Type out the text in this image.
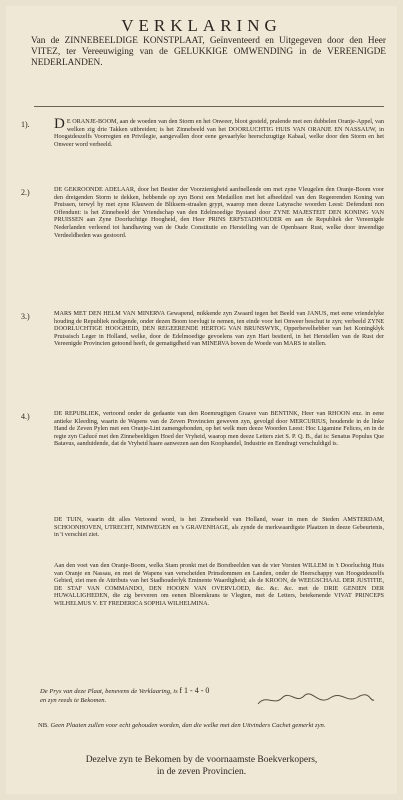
VERKLARING
Van de ZINNEBEELDIGE KONSTPLAAT, Geïnventeerd en Uitgegeven door den Heer VITEZ, ter Vereeuwiging van de GELUKKIGE OMWENDING in de VEREENIGDE NEDERLANDEN.
1). D E ORANJE-BOOM, aan de woeden van den Storm en het Onweer, bloot gesteld, pralende met een dubbelen Oranje-Appel, van welken zig drie Takken uitbreiden; is het Zinnebeeld van het DOORLUCHTIG HUIS VAN ORANJE EN NASSAUW, in Hoogstdeszelfs Voorregten en Privilegie, aangevallen door eene gevaarlyke heerschzugtige Kabaal, welke door den Storm en het Onweer word verbeeld.
2.)	DE GEKROONDE ADELAAR, door het Bestier der Voorzienigheid aanfnellende om met zyne Vleugelen den Oranje-Boom voor den dreigenden Storm te dekken, hebbende op zyn Borst een Medaillon met het afbeeldzel van den Regeerenden Koning van Pruissen, terwyl hy met zyne Klauwen de Bliksem-straalen grypt, waarop men deeze Latynsche woorden Leest: Defendunt non Offendunt: is het Zinnebeeld der Vriendschap van den Edelmoedige Bystand door ZYNE MAJESTEIT DEN KONING VAN PRUISSEN aan Zyne Doorluchtige Hoogheid, den Heer PRINS ERFSTADHOUDER en aan de Republiek der Vereenigde Nederlanden verleend tot handhaving van de Oude Constitutie en Herstelling van de Openbaare Rust, welke door inwendige Verdeeldheden was gestoord.
3.)	MARS MET DEN HELM VAN MINERVA Gewapend, mikkende zyn Zwaard tegen het Beeld van JANUS, met eene vriendelyke houding de Republiek nodigende, onder dezen Boom toevlugt te nemen, ten einde voor het Onweer beschut te zyn; verbeeld ZYNE DOORLUCHTIGE HOOGHEID, DEN REGEERENDE HERTOG VAN BRUNSWYK, Opperbevelhebber van het Koningklyk Pruissisch Leger in Holland, welke, door de Edelmoedige gevoelens van zyn Hart bestierd, in het Herstellen van de Rust der Vereenigde Provincien getoond heeft, de gematigdheid van MINERVA boven de Woede van MARS te stellen.
4.)	DE REPUBLIEK, vertoond onder de gedaante van den Roemrugtigen Graave van BENTINK, Heer van RHOON enz. in eene antieke Kleeding, waarin de Wapens van de Zeven Provincien geweven zyn, gevolgd door MERCURIUS, houdende in de linke Hand de Zeven Pylen met een Oranje-Lint zamengebonden, op het welk men deeze Woorden Leest: Hoc Ligamine Felices, en in de regte zyn Caducé met den Zinnebeeldigen Hoed der Vryheid, waarop men deeze Letters ziet S. P. Q. B., dat is: Senatus Populus Que Batavus, aanduidende, dat de Vryheid haare aanwezen aan den Koophandel, Industrie en Eendragt verschuldigd is.
DE TUIN, waarin dit alles Vertoond word, is het Zinnebeeld van Holland, waar in men de Steden AMSTERDAM, SCHOONHOVEN, UTRECHT, NIMWEGEN en 's GRAVENHAGE, als zynde de merkwaardigste Plaatzen in deeze Gebeurtenis, in 't verschiet ziet.
Aan den voet van den Oranje-Boom, welks Stam pronkt met de Borstbeelden van de vier Vorsten WILLEM in 't Doorluchtig Huis van Oranje en Nassau, en met de Wapens van verscheiden Prinsdommen en Landen, onder de Heerschappy van Hoogstdeszelfs Gebied, ziet men de Attributs van het Stadhouderlyk Eminente Waardigheid; als de KROON, de WEEGSCHAAL DER JUSTITIE, DE STAF VAN COMMANDO, DEN HOORN VAN OVERVLOED, &c. &c. &c. met de DRIE GENIEN DER HUWALLIGHEDEN, die zig bevveren om eenen Bloemkrans te Vlegten, met de Letters, betekenende VIVAT PRINCEPS WILHELMUS V. ET FREDERICA SOPHIA WILHELMINA.
De Prys van deze Plaat, benevens de Verklaaring, is f 1 - 4 - 0
en zyn reeds te Bekomen.
NB. Geen Plaaten zullen voor echt gehouden worden, dan die welke met den Uitvinders Cachet gemerkt zyn.
Dezelve zyn te Bekomen by de voornaamste Boekverkopers,
in de zeven Provincien.
